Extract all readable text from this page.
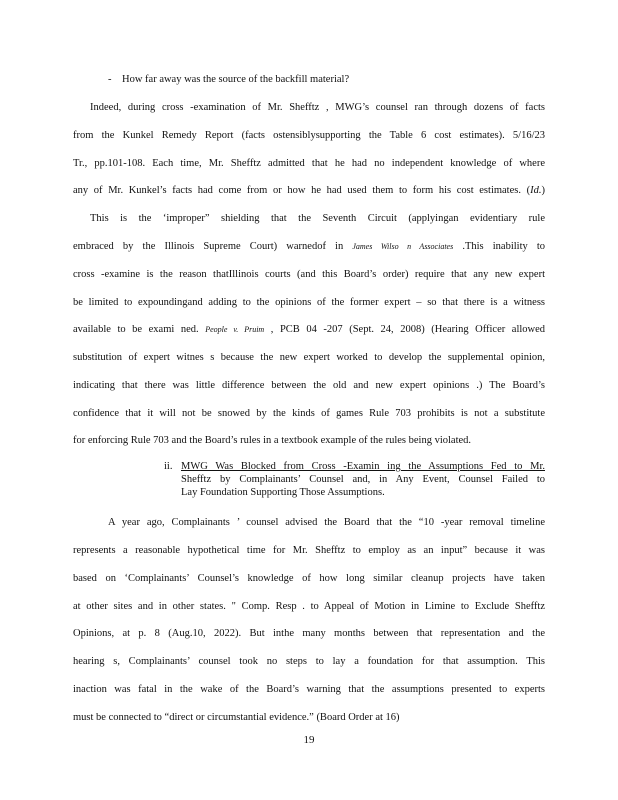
- How far away was the source of the backfill material?
Indeed, during cross -examination of Mr. Shefftz , MWG’s counsel ran through dozens of facts
from the Kunkel Remedy Report (facts ostensiblysupporting the Table 6 cost estimates). 5/16/23
Tr., pp.101-108. Each time, Mr. Shefftz admitted that he had no independent knowledge of where
any of Mr. Kunkel’s facts had come from or how he had used them to form his cost estimates. (Id.)
This is the ‘improper” shielding that the Seventh Circuit (applyingan evidentiary rule
embraced by the Illinois Supreme Court) warnedof in James Wilso n Associates .This inability to
cross -examine is the reason thatIllinois courts (and this Board’s order) require that any new expert
be limited to expoundingand adding to the opinions of the former expert – so that there is a witness
available to be exami ned. People v. Pruim , PCB 04 -207 (Sept. 24, 2008) (Hearing Officer allowed
substitution of expert witnes s because the new expert worked to develop the supplemental opinion,
indicating that there was little difference between the old and new expert opinions .) The Board’s
confidence that it will not be snowed by the kinds of games Rule 703 prohibits is not a substitute
for enforcing Rule 703 and the Board’s rules in a textbook example of the rules being violated.
ii. MWG Was Blocked from Cross -Examin ing the Assumptions Fed to Mr.
Shefftz by Complainants’ Counsel and, in Any Event, Counsel Failed to
Lay Foundation Supporting Those Assumptions.
A year ago, Complainants ’ counsel advised the Board that the “10 -year removal timeline
represents a reasonable hypothetical time for Mr. Shefftz to employ as an input” because it was
based on ‘Complainants’ Counsel’s knowledge of how long similar cleanup projects have taken
at other sites and in other states. " Comp. Resp . to Appeal of Motion in Limine to Exclude Shefftz
Opinions, at p. 8 (Aug.10, 2022). But inthe many months between that representation and the
hearing s, Complainants’ counsel took no steps to lay a foundation for that assumption. This
inaction was fatal in the wake of the Board’s warning that the assumptions presented to experts
must be connected to “direct or circumstantial evidence.” (Board Order at 16)
19
